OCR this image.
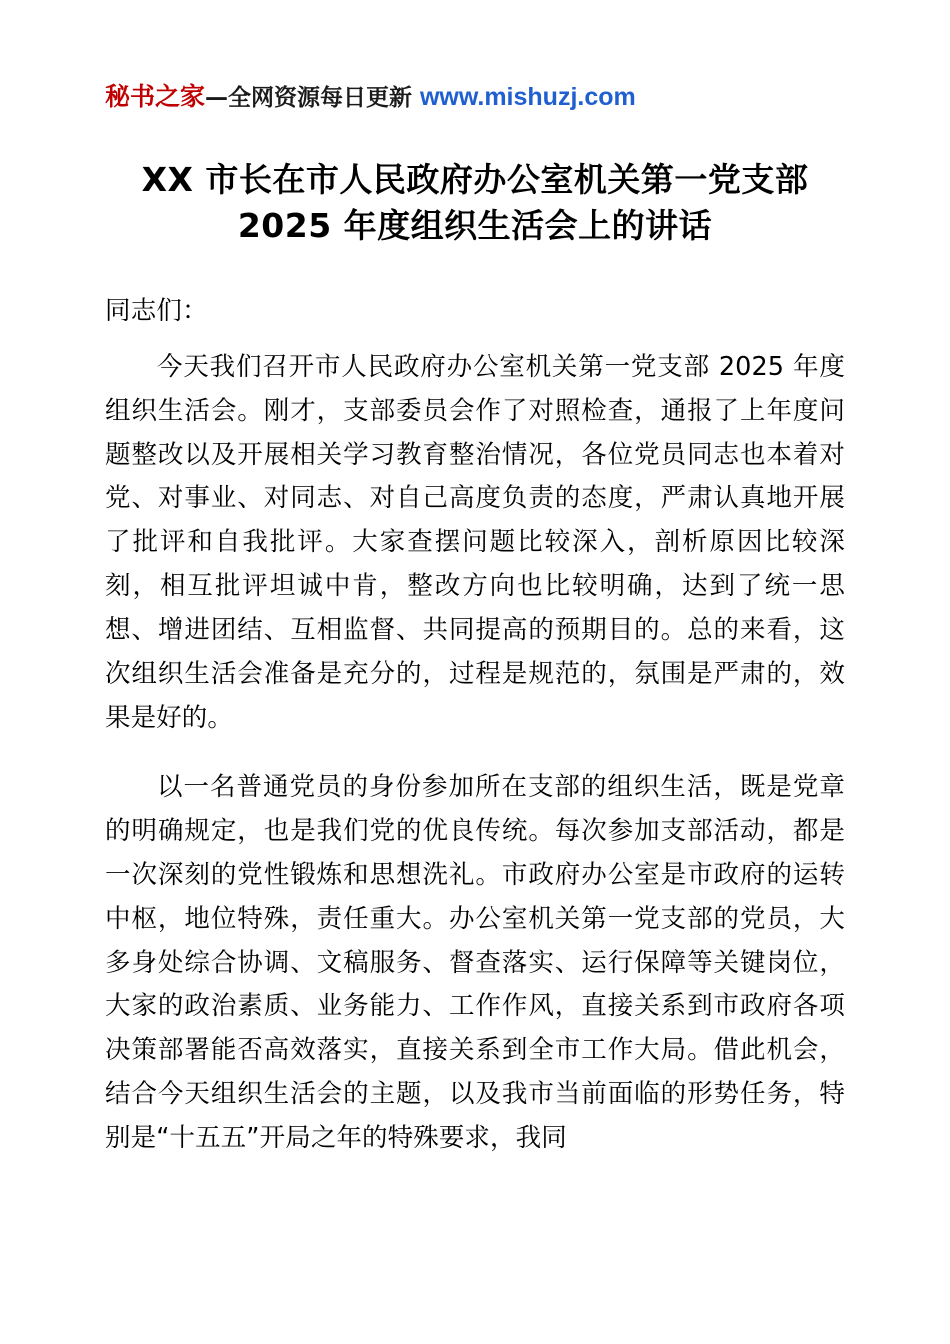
秘书之家—全网资源每日更新 www.mishuzj.com
XX 市长在市人民政府办公室机关第一党支部
2025 年度组织生活会上的讲话
同志们：

今天我们召开市人民政府办公室机关第一党支部 2025 年度组织生活会。刚才，支部委员会作了对照检查，通报了上年度问题整改以及开展相关学习教育整治情况，各位党员同志也本着对党、对事业、对同志、对自己高度负责的态度，严肃认真地开展了批评和自我批评。大家查摆问题比较深入，剖析原因比较深刻，相互批评坦诚中肯，整改方向也比较明确，达到了统一思想、增进团结、互相监督、共同提高的预期目的。总的来看，这次组织生活会准备是充分的，过程是规范的，氛围是严肃的，效果是好的。

以一名普通党员的身份参加所在支部的组织生活，既是党章的明确规定，也是我们党的优良传统。每次参加支部活动，都是一次深刻的党性锻炼和思想洗礼。市政府办公室是市政府的运转中枢，地位特殊，责任重大。办公室机关第一党支部的党员，大多身处综合协调、文稿服务、督查落实、运行保障等关键岗位，大家的政治素质、业务能力、工作作风，直接关系到市政府各项决策部署能否高效落实，直接关系到全市工作大局。借此机会，结合今天组织生活会的主题，以及我市当前面临的形势任务，特别是“十五五”开局之年的特殊要求，我同
